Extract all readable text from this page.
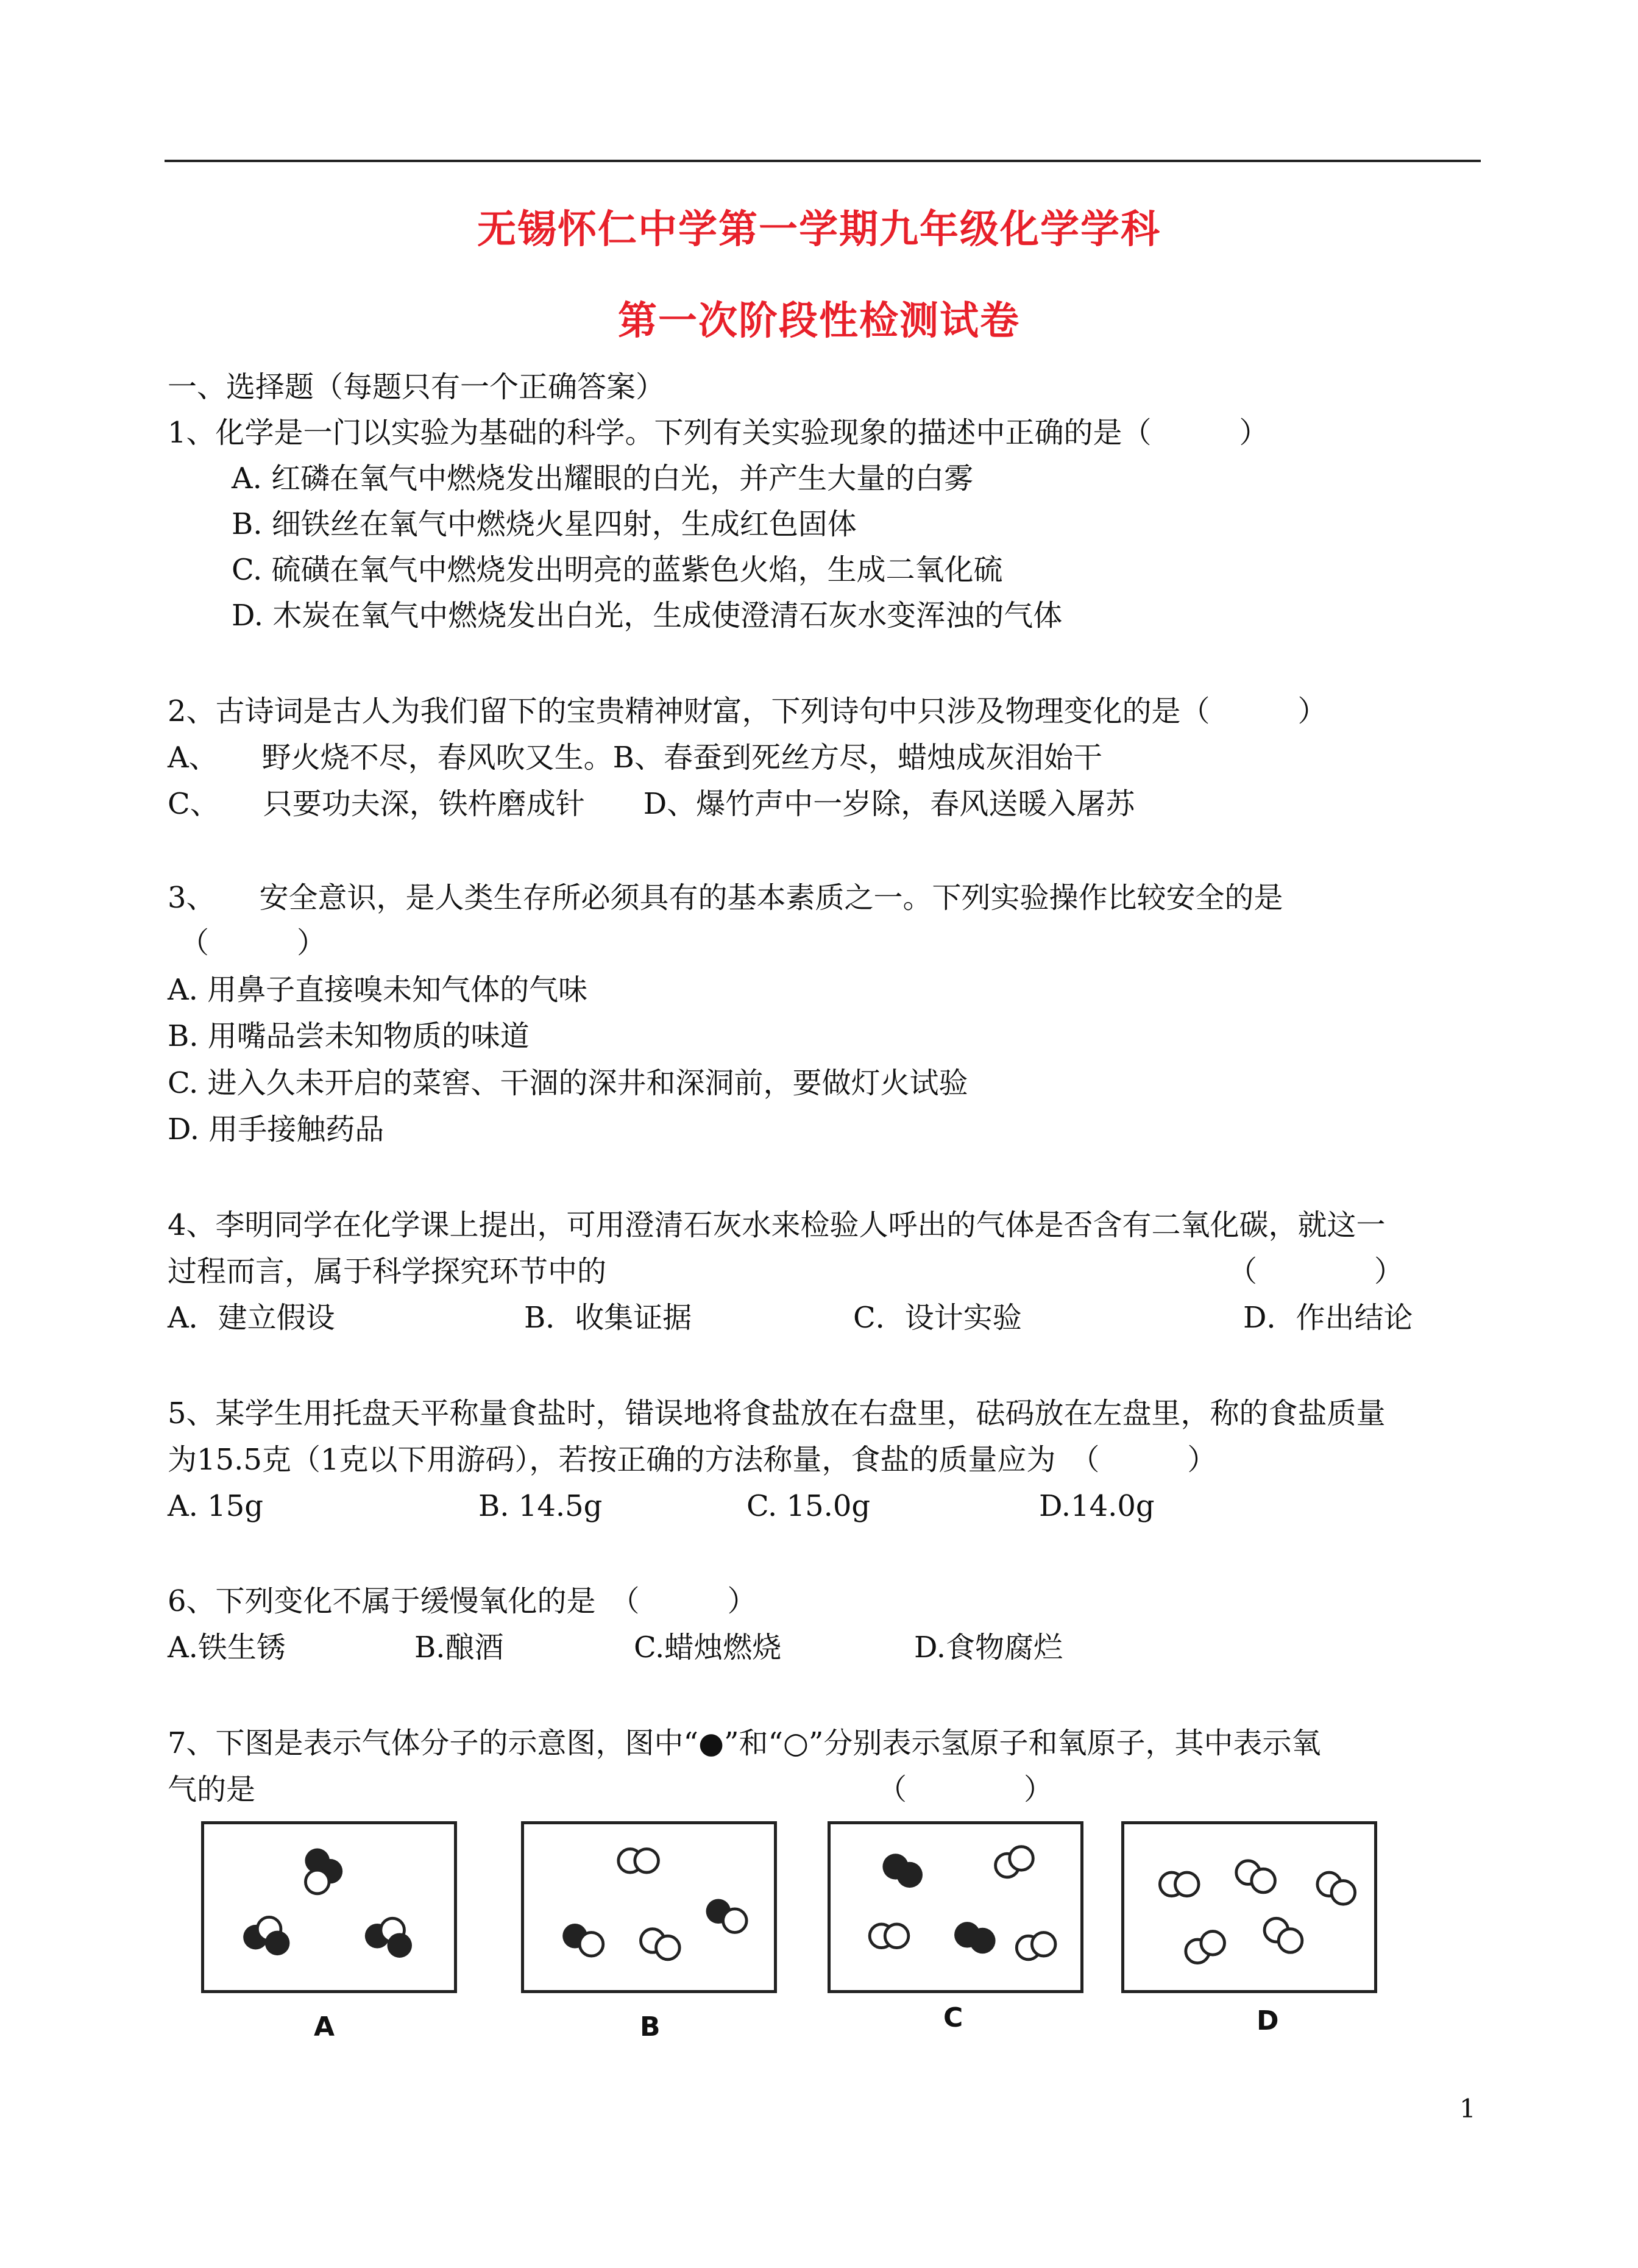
无锡怀仁中学第一学期九年级化学学科
第一次阶段性检测试卷
一、选择题（每题只有一个正确答案）
1、化学是一门以实验为基础的科学。下列有关实验现象的描述中正确的是（　　　）
A. 红磷在氧气中燃烧发出耀眼的白光，并产生大量的白雾
B. 细铁丝在氧气中燃烧火星四射，生成红色固体
C. 硫磺在氧气中燃烧发出明亮的蓝紫色火焰，生成二氧化硫
D. 木炭在氧气中燃烧发出白光，生成使澄清石灰水变浑浊的气体
2、古诗词是古人为我们留下的宝贵精神财富，下列诗句中只涉及物理变化的是（　　　）
A、　　野火烧不尽，春风吹又生。B、春蚕到死丝方尽，蜡烛成灰泪始干
C、　　只要功夫深，铁杵磨成针　　D、爆竹声中一岁除，春风送暖入屠苏
3、　　安全意识，是人类生存所必须具有的基本素质之一。下列实验操作比较安全的是
（　　　）
A. 用鼻子直接嗅未知气体的气味
B. 用嘴品尝未知物质的味道
C. 进入久未开启的菜窖、干涸的深井和深洞前，要做灯火试验
D. 用手接触药品
4、李明同学在化学课上提出，可用澄清石灰水来检验人呼出的气体是否含有二氧化碳，就这一
过程而言，属于科学探究环节中的	（　　　　）
A．建立假设	B．收集证据	C．设计实验	D．作出结论
5、某学生用托盘天平称量食盐时，错误地将食盐放在右盘里，砝码放在左盘里，称的食盐质量
为15.5克（1克以下用游码），若按正确的方法称量，食盐的质量应为　（　　　）
A. 15g	B. 14.5g	C. 15.0g	D.14.0g
6、下列变化不属于缓慢氧化的是　（　　　）
A.铁生锈	B.酿酒	C.蜡烛燃烧	D.食物腐烂
7、下图是表示气体分子的示意图，图中“●”和“○”分别表示氢原子和氧原子，其中表示氧
气的是	（　　　　）
A	B	C	D
1
